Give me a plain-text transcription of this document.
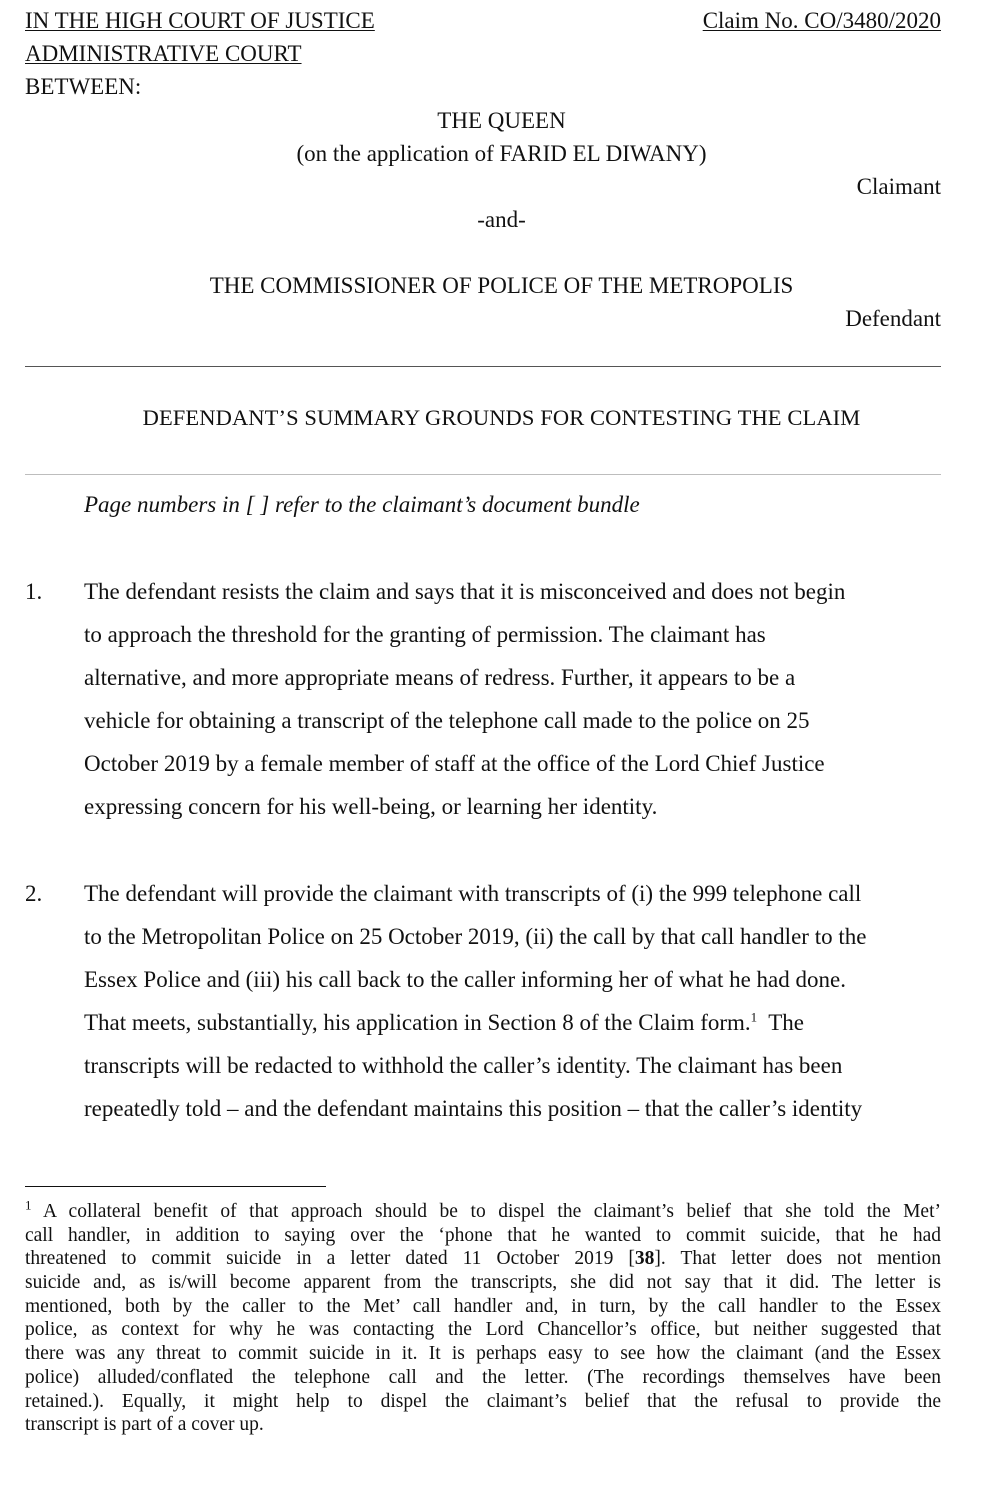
IN THE HIGH COURT OF JUSTICE
ADMINISTRATIVE COURT
BETWEEN:
Claim No. CO/3480/2020
THE QUEEN
(on the application of FARID EL DIWANY)
Claimant
-and-
THE COMMISSIONER OF POLICE OF THE METROPOLIS
Defendant
DEFENDANT’S SUMMARY GROUNDS FOR CONTESTING THE CLAIM
Page numbers in [ ] refer to the claimant’s document bundle
1. The defendant resists the claim and says that it is misconceived and does not begin
to approach the threshold for the granting of permission. The claimant has
alternative, and more appropriate means of redress. Further, it appears to be a
vehicle for obtaining a transcript of the telephone call made to the police on 25
October 2019 by a female member of staff at the office of the Lord Chief Justice
expressing concern for his well-being, or learning her identity.
2. The defendant will provide the claimant with transcripts of (i) the 999 telephone call
to the Metropolitan Police on 25 October 2019, (ii) the call by that call handler to the
Essex Police and (iii) his call back to the caller informing her of what he had done.
That meets, substantially, his application in Section 8 of the Claim form.$^1$  The
transcripts will be redacted to withhold the caller’s identity. The claimant has been
repeatedly told – and the defendant maintains this position – that the caller’s identity
$^1$ A collateral benefit of that approach should be to dispel the claimant’s belief that she told the Met’
call handler, in addition to saying over the ‘phone that he wanted to commit suicide, that he had
threatened to commit suicide in a letter dated 11 October 2019 [38]. That letter does not mention
suicide and, as is/will become apparent from the transcripts, she did not say that it did. The letter is
mentioned, both by the caller to the Met’ call handler and, in turn, by the call handler to the Essex
police, as context for why he was contacting the Lord Chancellor’s office, but neither suggested that
there was any threat to commit suicide in it. It is perhaps easy to see how the claimant (and the Essex
police) alluded/conflated the telephone call and the letter. (The recordings themselves have been
retained.). Equally, it might help to dispel the claimant’s belief that the refusal to provide the
transcript is part of a cover up.
